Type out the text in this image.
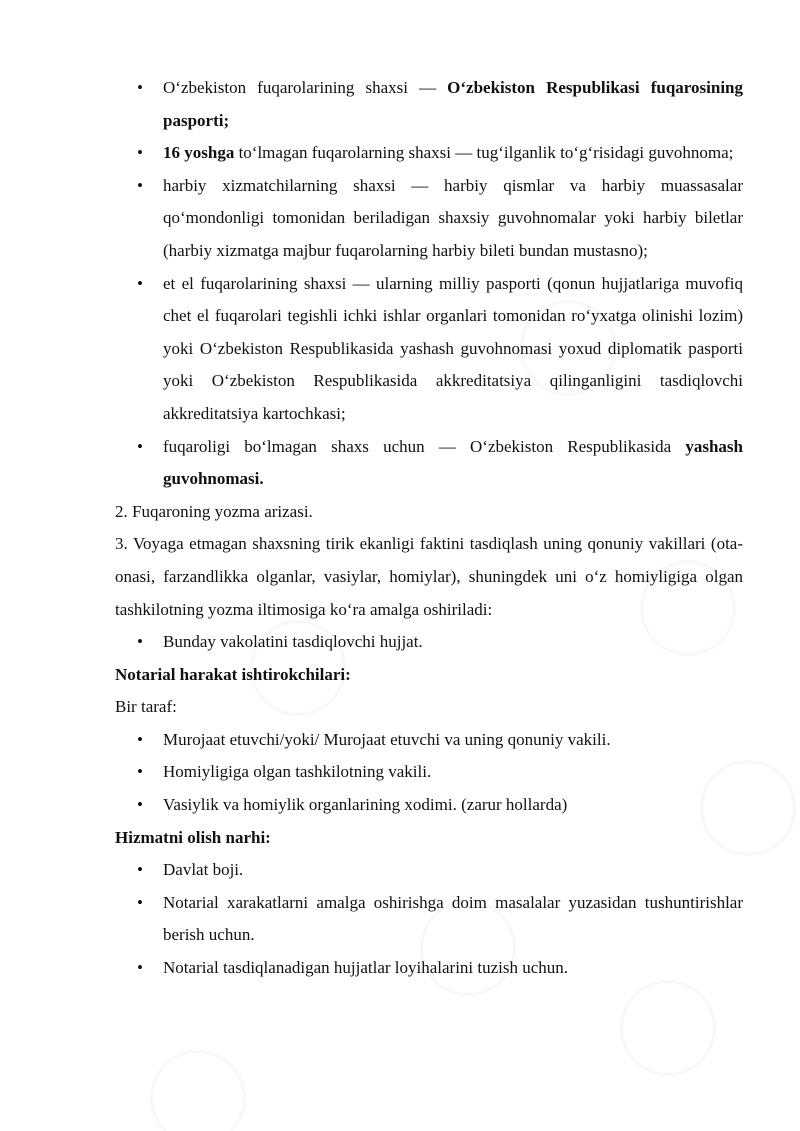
• O‘zbekiston fuqarolarining shaxsi — O‘zbekiston Respublikasi fuqarosining pasporti;
• 16 yoshga to‘lmagan fuqarolarning shaxsi — tug‘ilganlik to‘g‘risidagi guvohnoma;
• harbiy xizmatchilarning shaxsi — harbiy qismlar va harbiy muassasalar qo‘mondonligi tomonidan beriladigan shaxsiy guvohnomalar yoki harbiy biletlar (harbiy xizmatga majbur fuqarolarning harbiy bileti bundan mustasno);
• et el fuqarolarining shaxsi — ularning milliy pasporti (qonun hujjatlariga muvofiq chet el fuqarolari tegishli ichki ishlar organlari tomonidan ro‘yxatga olinishi lozim) yoki O‘zbekiston Respublikasida yashash guvohnomasi yoxud diplomatik pasporti yoki O‘zbekiston Respublikasida akkreditatsiya qilinganligini tasdiqlovchi akkreditatsiya kartochkasi;
• fuqaroligi bo‘lmagan shaxs uchun — O‘zbekiston Respublikasida yashash guvohnomasi.
2. Fuqaroning yozma arizasi.
3. Voyaga etmagan shaxsning tirik ekanligi faktini tasdiqlash uning qonuniy vakillari (ota-onasi, farzandlikka olganlar, vasiylar, homiylar), shuningdek uni o‘z homiyligiga olgan tashkilotning yozma iltimosiga ko‘ra amalga oshiriladi:
• Bunday vakolatini tasdiqlovchi hujjat.
Notarial harakat ishtirokchilari:
Bir taraf:
• Murojaat etuvchi/yoki/ Murojaat etuvchi va uning qonuniy vakili.
• Homiyligiga olgan tashkilotning vakili.
• Vasiylik va homiylik organlarining xodimi. (zarur hollarda)
Hizmatni olish narhi:
• Davlat boji.
• Notarial xarakatlarni amalga oshirishga doim masalalar yuzasidan tushuntirishlar berish uchun.
• Notarial tasdiqlanadigan hujjatlar loyihalarini tuzish uchun.
